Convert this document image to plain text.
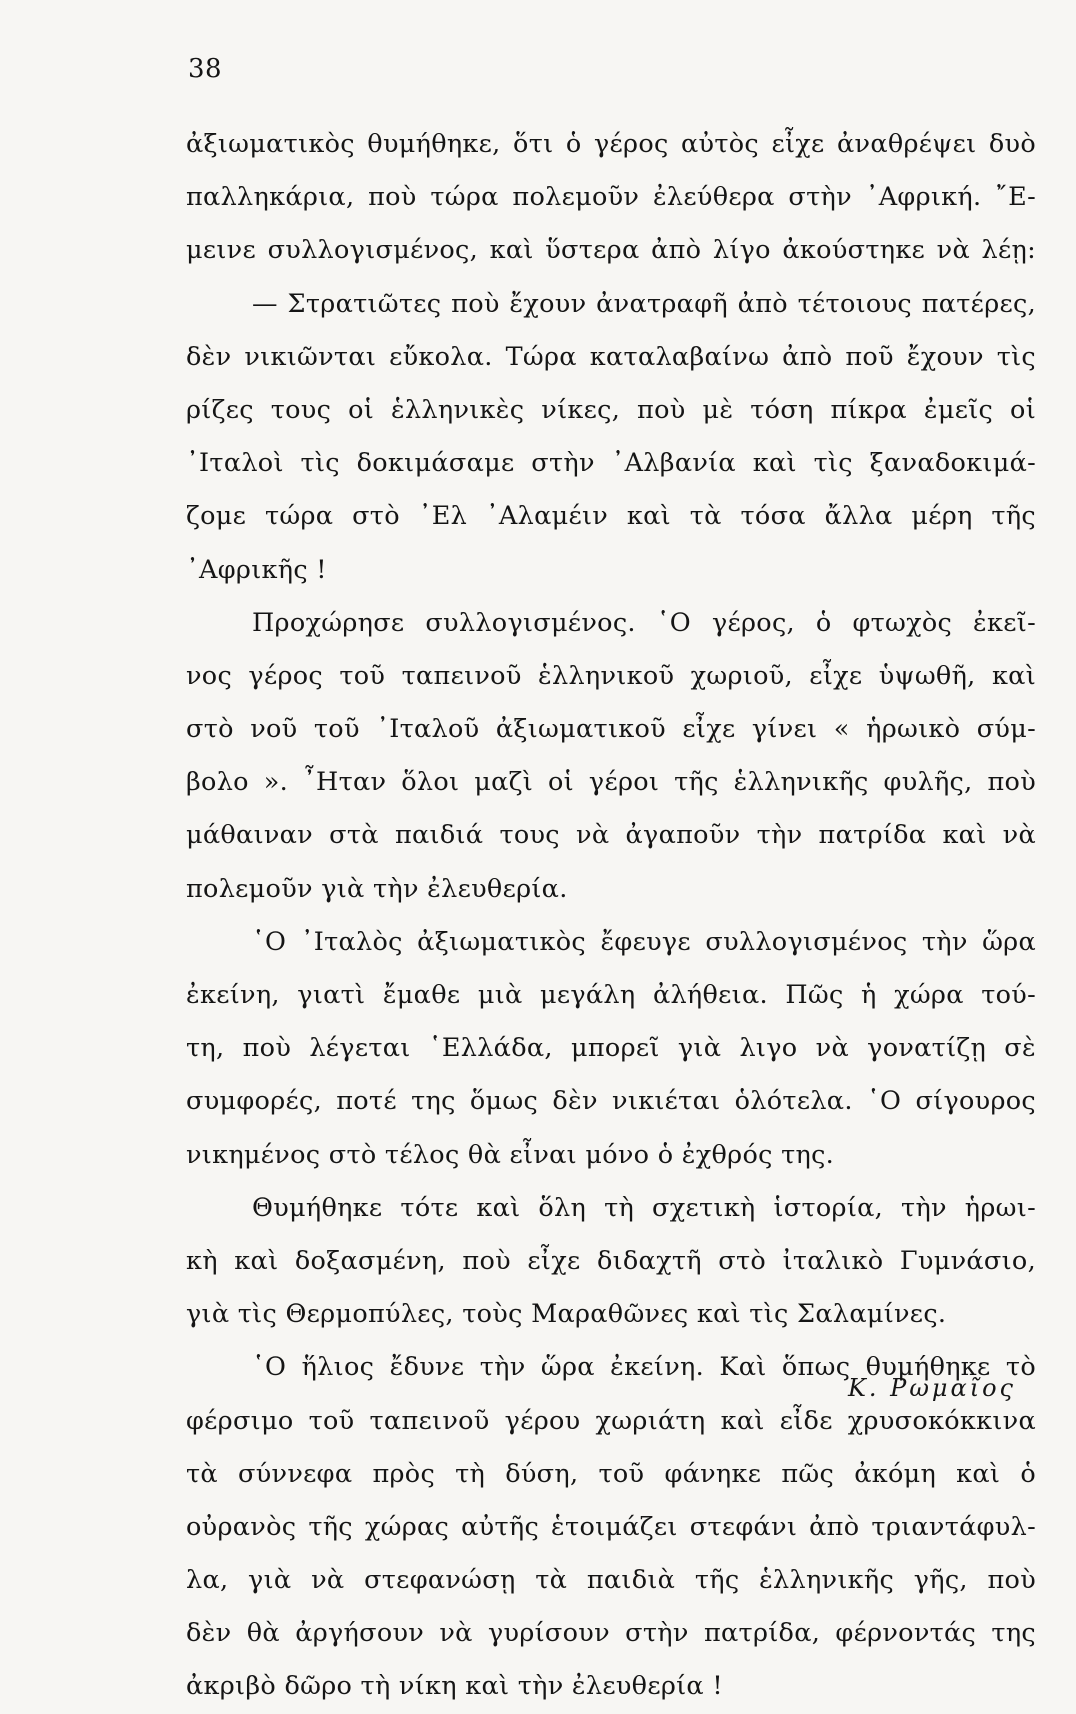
38
ἀξιωματικὸς θυμήθηκε, ὅτι ὁ γέρος αὐτὸς εἶχε ἀναθρέψει δυὸ
παλληκάρια, ποὺ τώρα πολεμοῦν ἐλεύθερα στὴν ᾿Αφρική. ῎Ε-
μεινε συλλογισμένος, καὶ ὕστερα ἀπὸ λίγο ἀκούστηκε νὰ λέῃ:
— Στρατιῶτες ποὺ ἔχουν ἀνατραφῆ ἀπὸ τέτοιους πατέρες,
δὲν νικιῶνται εὔκολα. Τώρα καταλαβαίνω ἀπὸ ποῦ ἔχουν τὶς
ρίζες τους οἱ ἑλληνικὲς νίκες, ποὺ μὲ τόση πίκρα ἐμεῖς οἱ
᾿Ιταλοὶ τὶς δοκιμάσαμε στὴν ᾿Αλβανία καὶ τὶς ξαναδοκιμά-
ζομε τώρα στὸ ᾿Ελ ᾿Αλαμέιν καὶ τὰ τόσα ἄλλα μέρη τῆς
᾿Αφρικῆς !
Προχώρησε συλλογισμένος. ῾Ο γέρος, ὁ φτωχὸς ἐκεῖ-
νος γέρος τοῦ ταπεινοῦ ἑλληνικοῦ χωριοῦ, εἶχε ὑψωθῆ, καὶ
στὸ νοῦ τοῦ ᾿Ιταλοῦ ἀξιωματικοῦ εἶχε γίνει « ἡρωικὸ σύμ-
βολο ». ῏Ηταν ὅλοι μαζὶ οἱ γέροι τῆς ἑλληνικῆς φυλῆς, ποὺ
μάθαιναν στὰ παιδιά τους νὰ ἀγαποῦν τὴν πατρίδα καὶ νὰ
πολεμοῦν γιὰ τὴν ἐλευθερία.
῾Ο ᾿Ιταλὸς ἀξιωματικὸς ἔφευγε συλλογισμένος τὴν ὥρα
ἐκείνη, γιατὶ ἔμαθε μιὰ μεγάλη ἀλήθεια. Πῶς ἡ χώρα τού-
τη, ποὺ λέγεται ῾Ελλάδα, μπορεῖ γιὰ λιγο νὰ γονατίζῃ σὲ
συμφορές, ποτέ της ὅμως δὲν νικιέται ὁλότελα. ῾Ο σίγουρος
νικημένος στὸ τέλος θὰ εἶναι μόνο ὁ ἐχθρός της.
Θυμήθηκε τότε καὶ ὅλη τὴ σχετικὴ ἱστορία, τὴν ἡρωι-
κὴ καὶ δοξασμένη, ποὺ εἶχε διδαχτῆ στὸ ἰταλικὸ Γυμνάσιο,
γιὰ τὶς Θερμοπύλες, τοὺς Μαραθῶνες καὶ τὶς Σαλαμίνες.
῾Ο ἥλιος ἔδυνε τὴν ὥρα ἐκείνη. Καὶ ὅπως θυμήθηκε τὸ
φέρσιμο τοῦ ταπεινοῦ γέρου χωριάτη καὶ εἶδε χρυσοκόκκινα
τὰ σύννεφα πρὸς τὴ δύση, τοῦ φάνηκε πῶς ἀκόμη καὶ ὁ
οὐρανὸς τῆς χώρας αὐτῆς ἑτοιμάζει στεφάνι ἀπὸ τριαντάφυλ-
λα, γιὰ νὰ στεφανώσῃ τὰ παιδιὰ τῆς ἑλληνικῆς γῆς, ποὺ
δὲν θὰ ἀργήσουν νὰ γυρίσουν στὴν πατρίδα, φέρνοντάς της
ἀκριβὸ δῶρο τὴ νίκη καὶ τὴν ἐλευθερία !
Κ. Ρωμαῖος
